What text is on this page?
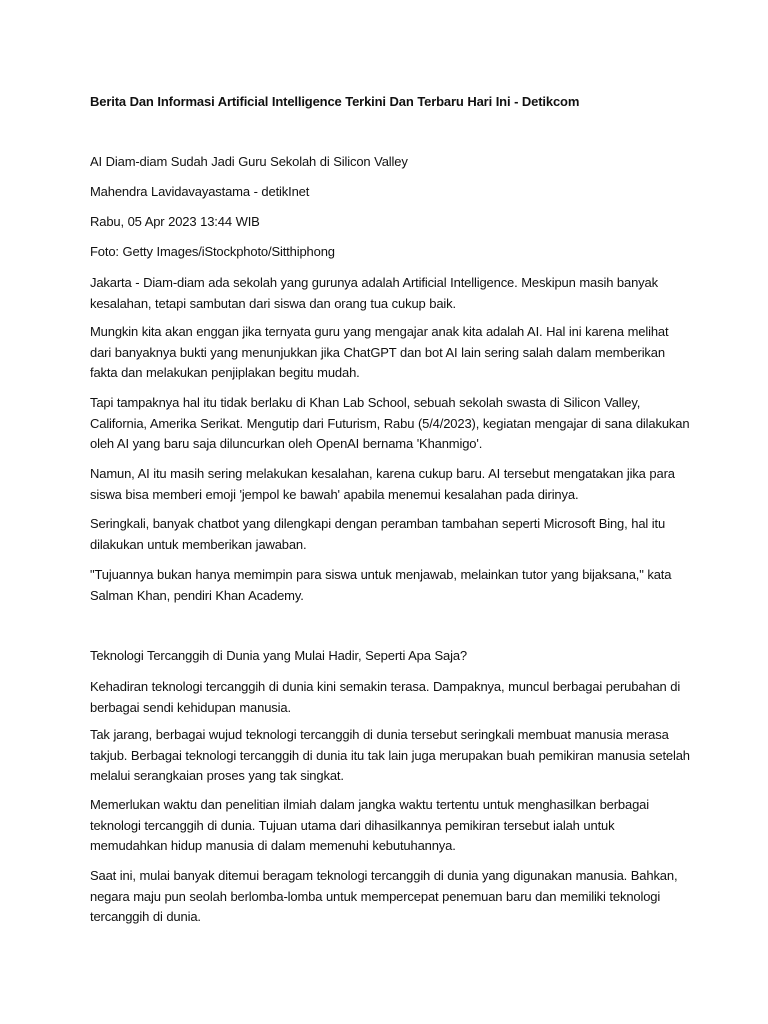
Berita Dan Informasi Artificial Intelligence Terkini Dan Terbaru Hari Ini - Detikcom

AI Diam-diam Sudah Jadi Guru Sekolah di Silicon Valley

Mahendra Lavidavayastama - detikInet

Rabu, 05 Apr 2023 13:44 WIB

Foto: Getty Images/iStockphoto/Sitthiphong

Jakarta - Diam-diam ada sekolah yang gurunya adalah Artificial Intelligence. Meskipun masih banyak kesalahan, tetapi sambutan dari siswa dan orang tua cukup baik.

Mungkin kita akan enggan jika ternyata guru yang mengajar anak kita adalah AI. Hal ini karena melihat dari banyaknya bukti yang menunjukkan jika ChatGPT dan bot AI lain sering salah dalam memberikan fakta dan melakukan penjiplakan begitu mudah.

Tapi tampaknya hal itu tidak berlaku di Khan Lab School, sebuah sekolah swasta di Silicon Valley, California, Amerika Serikat. Mengutip dari Futurism, Rabu (5/4/2023), kegiatan mengajar di sana dilakukan oleh AI yang baru saja diluncurkan oleh OpenAI bernama 'Khanmigo'.

Namun, AI itu masih sering melakukan kesalahan, karena cukup baru. AI tersebut mengatakan jika para siswa bisa memberi emoji 'jempol ke bawah' apabila menemui kesalahan pada dirinya.

Seringkali, banyak chatbot yang dilengkapi dengan peramban tambahan seperti Microsoft Bing, hal itu dilakukan untuk memberikan jawaban.

"Tujuannya bukan hanya memimpin para siswa untuk menjawab, melainkan tutor yang bijaksana," kata Salman Khan, pendiri Khan Academy.

Teknologi Tercanggih di Dunia yang Mulai Hadir, Seperti Apa Saja?

Kehadiran teknologi tercanggih di dunia kini semakin terasa. Dampaknya, muncul berbagai perubahan di berbagai sendi kehidupan manusia.

Tak jarang, berbagai wujud teknologi tercanggih di dunia tersebut seringkali membuat manusia merasa takjub. Berbagai teknologi tercanggih di dunia itu tak lain juga merupakan buah pemikiran manusia setelah melalui serangkaian proses yang tak singkat.

Memerlukan waktu dan penelitian ilmiah dalam jangka waktu tertentu untuk menghasilkan berbagai teknologi tercanggih di dunia. Tujuan utama dari dihasilkannya pemikiran tersebut ialah untuk memudahkan hidup manusia di dalam memenuhi kebutuhannya.

Saat ini, mulai banyak ditemui beragam teknologi tercanggih di dunia yang digunakan manusia. Bahkan, negara maju pun seolah berlomba-lomba untuk mempercepat penemuan baru dan memiliki teknologi tercanggih di dunia.
